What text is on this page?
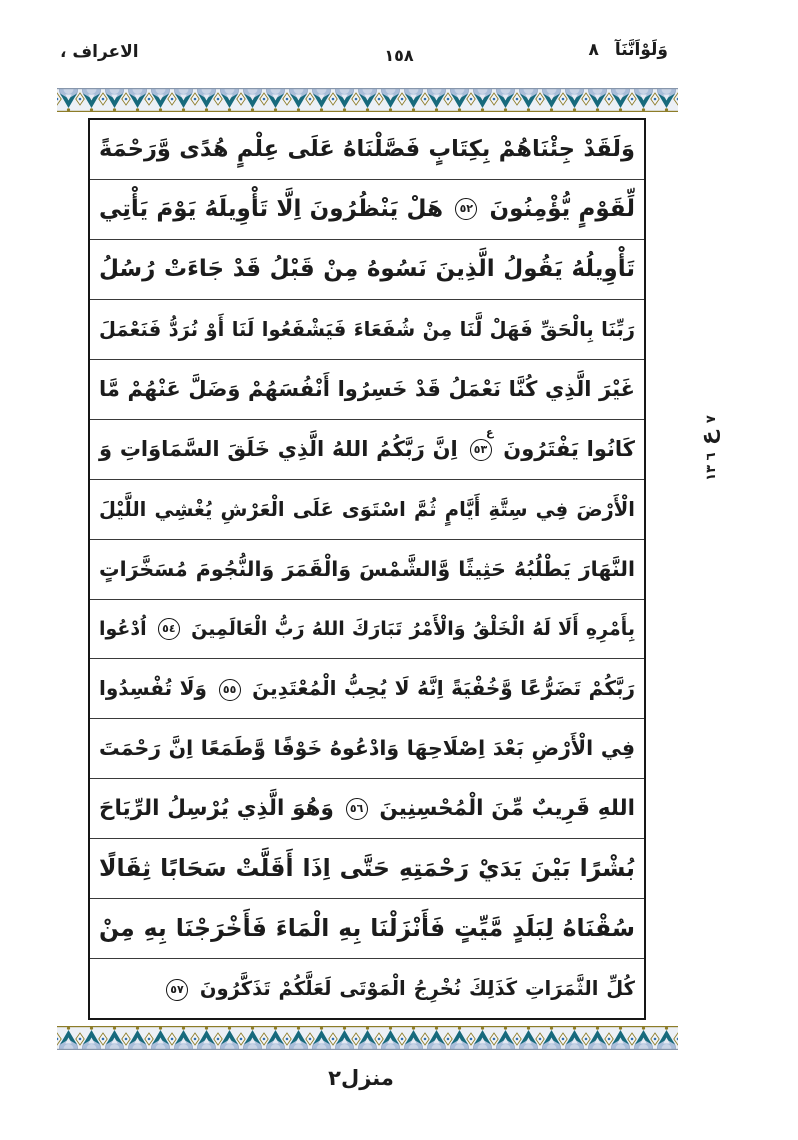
الاعراف ،	١٥٨	وَلَوْاَنَّنَآ ٨
وَلَقَدْ جِئْنَاهُمْ بِكِتَابٍ فَصَّلْنَاهُ عَلَى عِلْمٍ هُدًى وَّرَحْمَةً
لِّقَوْمٍ يُّؤْمِنُونَ ٥٢ هَلْ يَنْظُرُونَ اِلَّا تَأْوِيلَهُ يَوْمَ يَأْتِي
تَأْوِيلُهُ يَقُولُ الَّذِينَ نَسُوهُ مِنْ قَبْلُ قَدْ جَاءَتْ رُسُلُ
رَبِّنَا بِالْحَقِّ فَهَلْ لَّنَا مِنْ شُفَعَاءَ فَيَشْفَعُوا لَنَا أَوْ نُرَدُّ فَنَعْمَلَ
غَيْرَ الَّذِي كُنَّا نَعْمَلُ قَدْ خَسِرُوا أَنْفُسَهُمْ وَضَلَّ عَنْهُمْ مَّا
كَانُوا يَفْتَرُونَ ٥٣
ع
اِنَّ رَبَّكُمُ اللهُ الَّذِي خَلَقَ السَّمَاوَاتِ وَ
الْأَرْضَ فِي سِتَّةِ أَيَّامٍ ثُمَّ اسْتَوَى عَلَى الْعَرْشِ يُغْشِي اللَّيْلَ
النَّهَارَ يَطْلُبُهُ حَثِيثًا وَّالشَّمْسَ وَالْقَمَرَ وَالنُّجُومَ مُسَخَّرَاتٍ
بِأَمْرِهِ أَلَا لَهُ الْخَلْقُ وَالْأَمْرُ تَبَارَكَ اللهُ رَبُّ الْعَالَمِينَ ٥٤ اُدْعُوا
رَبَّكُمْ تَضَرُّعًا وَّخُفْيَةً اِنَّهُ لَا يُحِبُّ الْمُعْتَدِينَ ٥٥ وَلَا تُفْسِدُوا
فِي الْأَرْضِ بَعْدَ اِصْلَاحِهَا وَادْعُوهُ خَوْفًا وَّطَمَعًا اِنَّ رَحْمَتَ
اللهِ قَرِيبٌ مِّنَ الْمُحْسِنِينَ ٥٦ وَهُوَ الَّذِي يُرْسِلُ الرِّيَاحَ
بُشْرًا بَيْنَ يَدَيْ رَحْمَتِهِ حَتَّى اِذَا أَقَلَّتْ سَحَابًا ثِقَالًا
سُقْنَاهُ لِبَلَدٍ مَّيِّتٍ فَأَنْزَلْنَا بِهِ الْمَاءَ فَأَخْرَجْنَا بِهِ مِنْ
كُلِّ الثَّمَرَاتِ كَذَلِكَ نُخْرِجُ الْمَوْتَى لَعَلَّكُمْ تَذَكَّرُونَ ٥٧
٧ ع ٦ ١٣
منزل٢
